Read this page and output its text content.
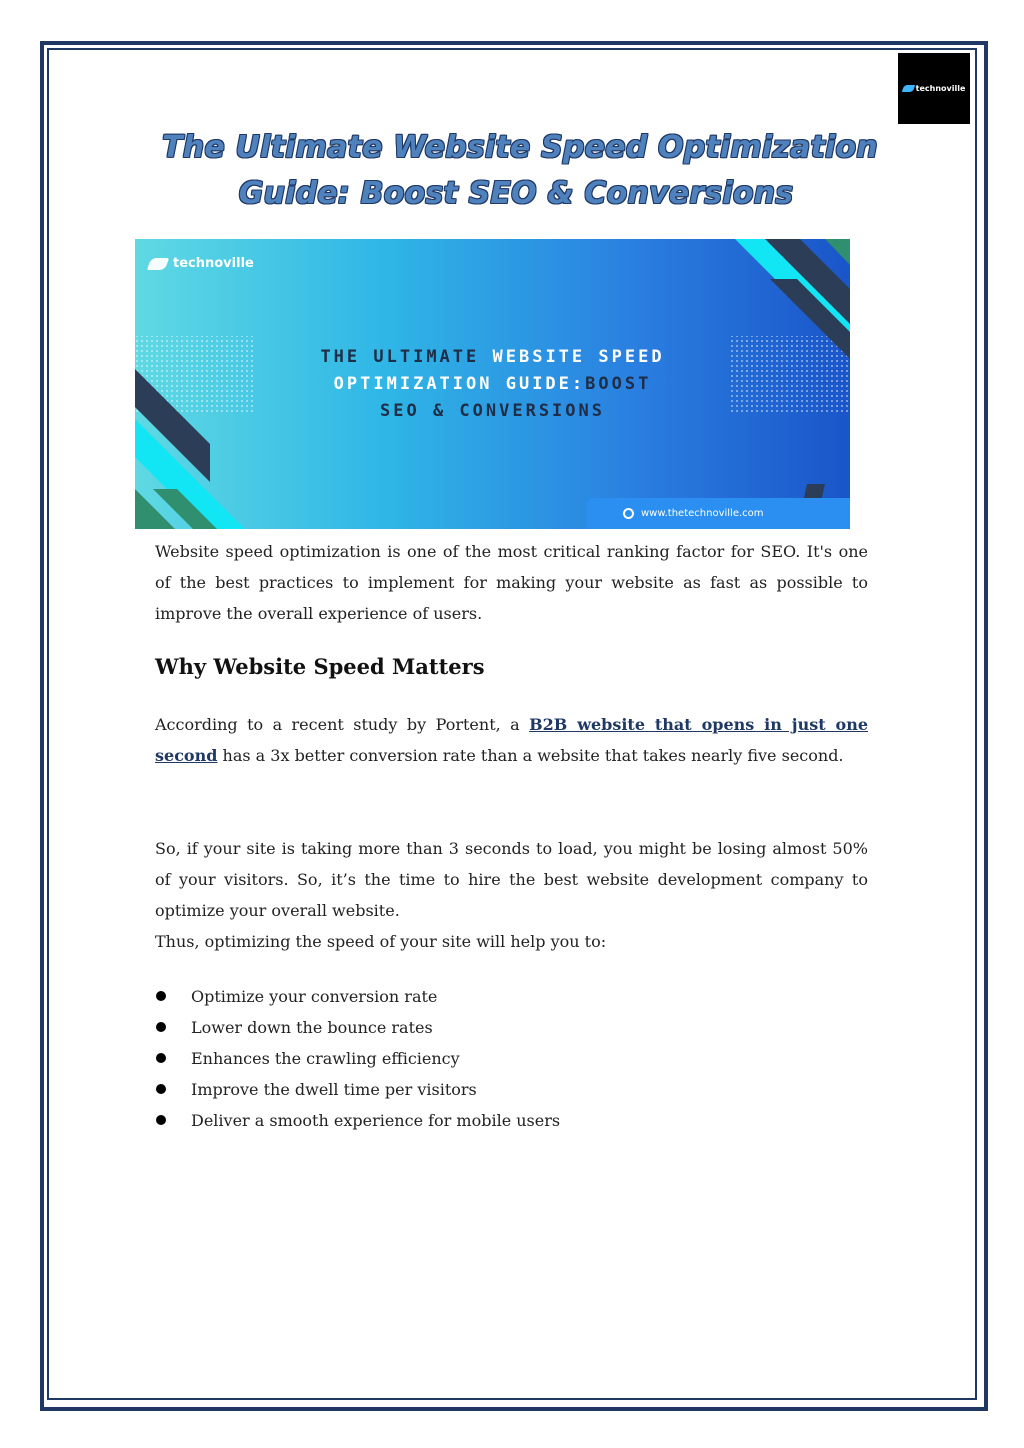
technoville
The Ultimate Website Speed Optimization
Guide: Boost SEO & Conversions
technoville
THE ULTIMATE WEBSITE SPEED
OPTIMIZATION GUIDE:BOOST
SEO & CONVERSIONS
www.thetechnoville.com
Website speed optimization is one of the most critical ranking factor for SEO. It's one of the best practices to implement for making your website as fast as possible to improve the overall experience of users.
Why Website Speed Matters
According to a recent study by Portent, a B2B website that opens in just one second has a 3x better conversion rate than a website that takes nearly five second.
So, if your site is taking more than 3 seconds to load, you might be losing almost 50% of your visitors. So, it’s the time to hire the best website development company to optimize your overall website.
Thus, optimizing the speed of your site will help you to:
Optimize your conversion rate
Lower down the bounce rates
Enhances the crawling efficiency
Improve the dwell time per visitors
Deliver a smooth experience for mobile users
